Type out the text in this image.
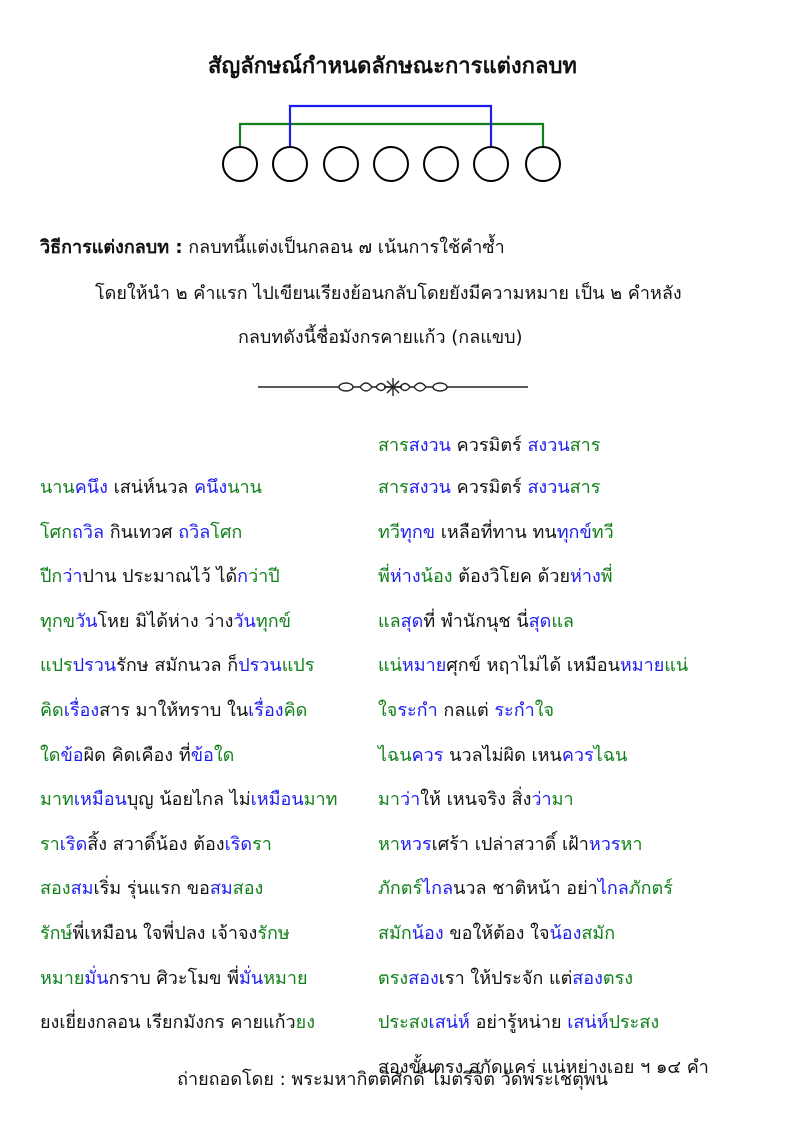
สัญลักษณ์กำหนดลักษณะการแต่งกลบท
วิธีการแต่งกลบท : กลบทนี้แต่งเป็นกลอน ๗ เน้นการใช้คำซ้ำ
โดยให้นำ ๒ คำแรก ไปเขียนเรียงย้อนกลับโดยยังมีความหมาย เป็น ๒ คำหลัง
กลบทดังนี้ชื่อมังกรคายแก้ว (กลแขบ)
นานคนึง เสน่ห์นวล คนึงนาน
โศกถวิล กินเทวศ ถวิลโศก
ปีกว่าปาน ประมาณไว้ ได้กว่าปี
ทุกขวันโหย มิได้ห่าง ว่างวันทุกข์
แปรปรวนรักษ สมักนวล ก็ปรวนแปร
คิดเรื่องสาร มาให้ทราบ ในเรื่องคิด
ใดข้อผิด คิดเคือง ที่ข้อใด
มาทเหมือนบุญ น้อยไกล ไม่เหมือนมาท
ราเริดสิ้ง สวาดิ์น้อง ต้องเริดรา
สองสมเริ่ม รุ่นแรก ขอสมสอง
รักษ์พี่เหมือน ใจพี่ปลง เจ้าจงรักษ
หมายมั่นกราบ ศิวะโมข พี่มั่นหมาย
ยงเยี่ยงกลอน เรียกมังกร คายแก้วยง
สารสงวน ควรมิตร์ สงวนสาร
ทวีทุกข เหลือที่ทาน ทนทุกข์ทวี
พี่ห่างน้อง ต้องวิโยค ด้วยห่างพี่
แลสุดที่ พำนักนุช นี่สุดแล
แน่หมายศุกข์ หฤาไม่ได้ เหมือนหมายแน่
ใจระกำ กลแต่ ระกำใจ
ไฉนควร นวลไม่ผิด เหนควรไฉน
มาว่าให้ เหนจริง สิ่งว่ามา
หาหวรเศร้า เปล่าสวาดิ์ เฝ้าหวรหา
ภักตร์ไกลนวล ชาติหน้า อย่าไกลภักตร์
สมักน้อง ขอให้ต้อง ใจน้องสมัก
ตรงสองเรา ให้ประจัก แต่สองตรง
ประสงเสน่ห์ อย่ารู้หน่าย เสน่ห์ประสง
สองขั้นตรง สกัดแคร่ แน่หย่างเอย ฯ ๑๔ คำ
สารสงวน ควรมิตร์ สงวนสาร
ถ่ายถอดโดย : พระมหากิตติศักดิ์ ไมตรีจิต วัดพระเชตุพน
